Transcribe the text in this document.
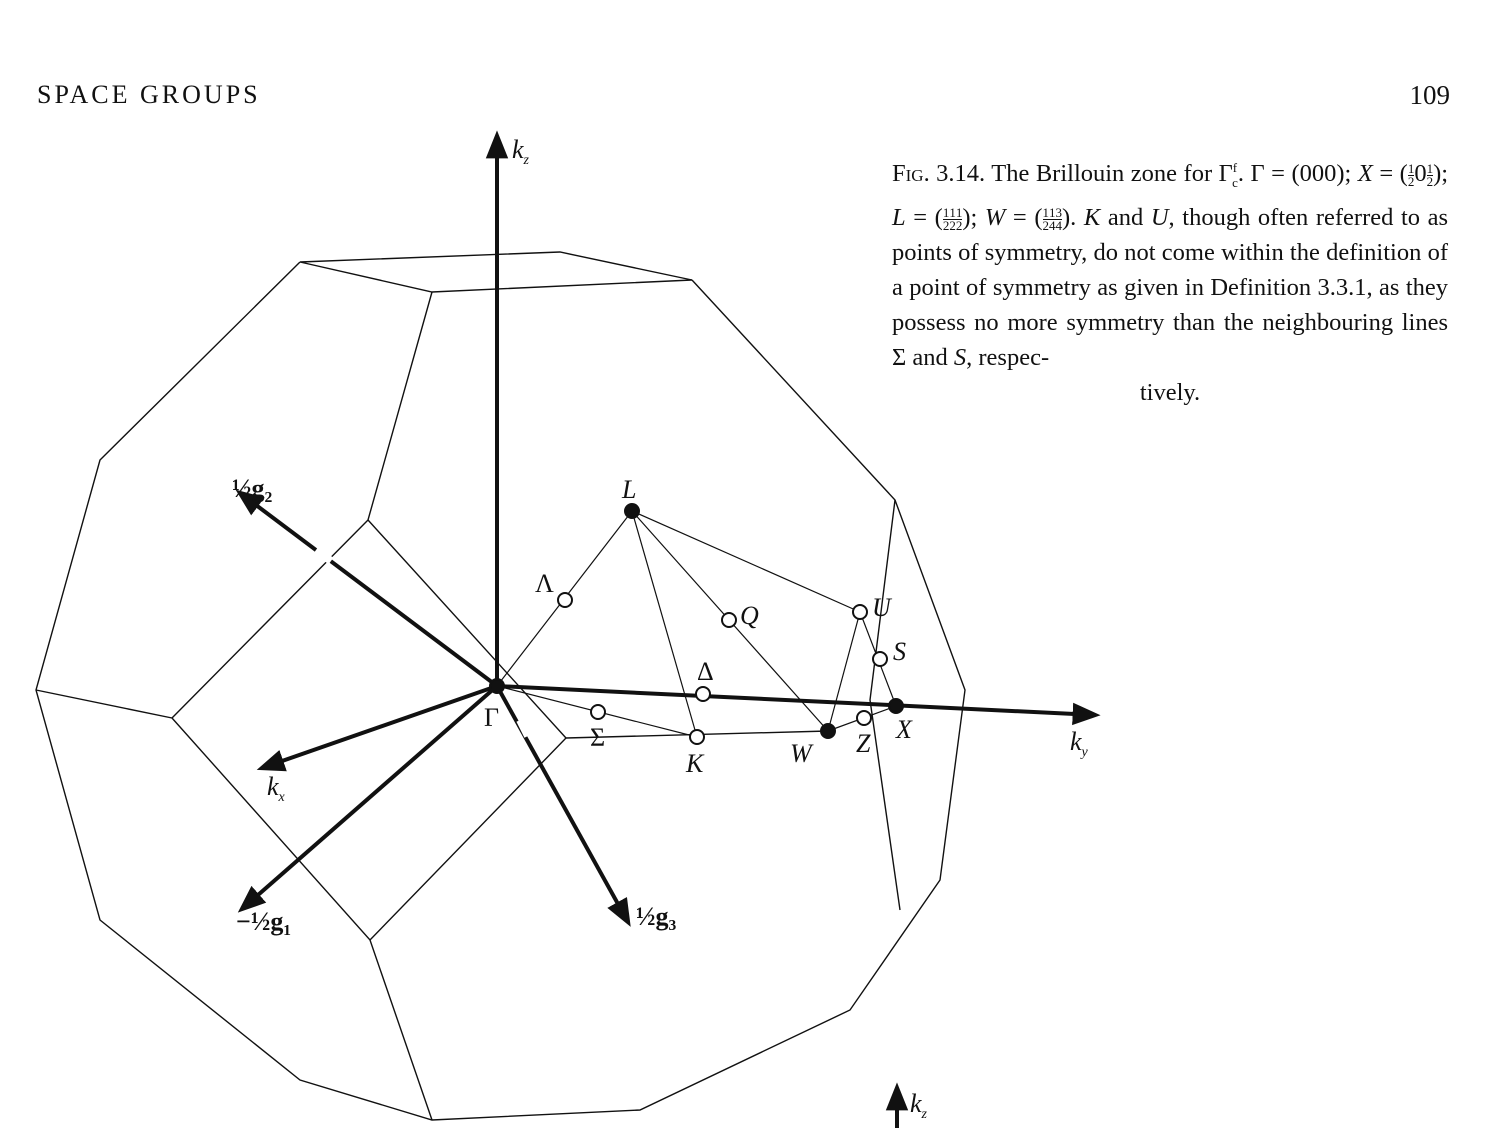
SPACE GROUPS	109
Fig. 3.14. The Brillouin zone for $\Gamma^f_c$. Γ = (000); X = ( $\frac{1}{2} 0 \frac{1}{2}$ ); L = ( $\frac{1}{2} \frac{1}{2} \frac{1}{2}$ ); W = ( $\frac{1}{2} \frac{1}{4} \frac{3}{4}$ ). K and U, though often referred to as points of symmetry, do not come within the definition of a point of symmetry as given in Definition 3.3.1, as they possess no more symmetry than the neighbouring lines Σ and S, respec-
tively.
$k_z$
$k_y$
$k_x$
$k_z$
½g₂
−½g₁	½g₃
Γ
L
Λ
Q	U
S
Δ
Σ
K	W Z X
